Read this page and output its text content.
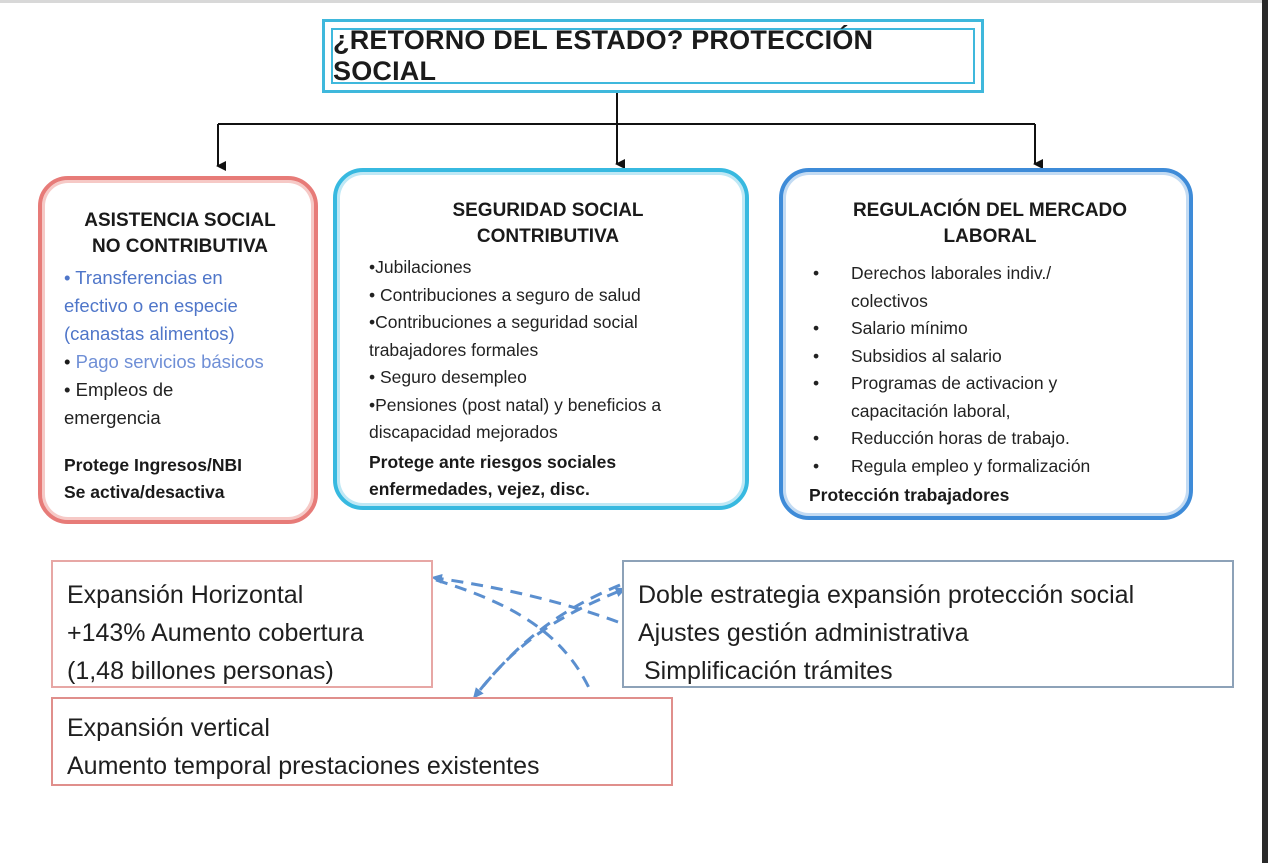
¿RETORNO DEL ESTADO? PROTECCIÓN SOCIAL
ASISTENCIA SOCIAL
NO CONTRIBUTIVA
• Transferencias en
efectivo o en especie
(canastas alimentos)
• Pago servicios básicos
• Empleos de
emergencia
Protege Ingresos/NBI
Se activa/desactiva
SEGURIDAD SOCIAL
CONTRIBUTIVA
•Jubilaciones
• Contribuciones a seguro de salud
•Contribuciones a seguridad social
trabajadores formales
• Seguro desempleo
•Pensiones (post natal) y beneficios a
discapacidad mejorados
Protege ante riesgos sociales
enfermedades, vejez, disc.
REGULACIÓN DEL MERCADO
LABORAL
•	Derechos laborales indiv./
colectivos
•	Salario mínimo
•	Subsidios al salario
•	Programas de activacion y
capacitación laboral,
•	Reducción horas de trabajo.
•	Regula empleo y formalización
Protección trabajadores
Expansión Horizontal
+143% Aumento cobertura
(1,48 billones personas)
Doble estrategia expansión protección social
Ajustes gestión administrativa
Simplificación trámites
Expansión vertical
Aumento temporal prestaciones existentes
